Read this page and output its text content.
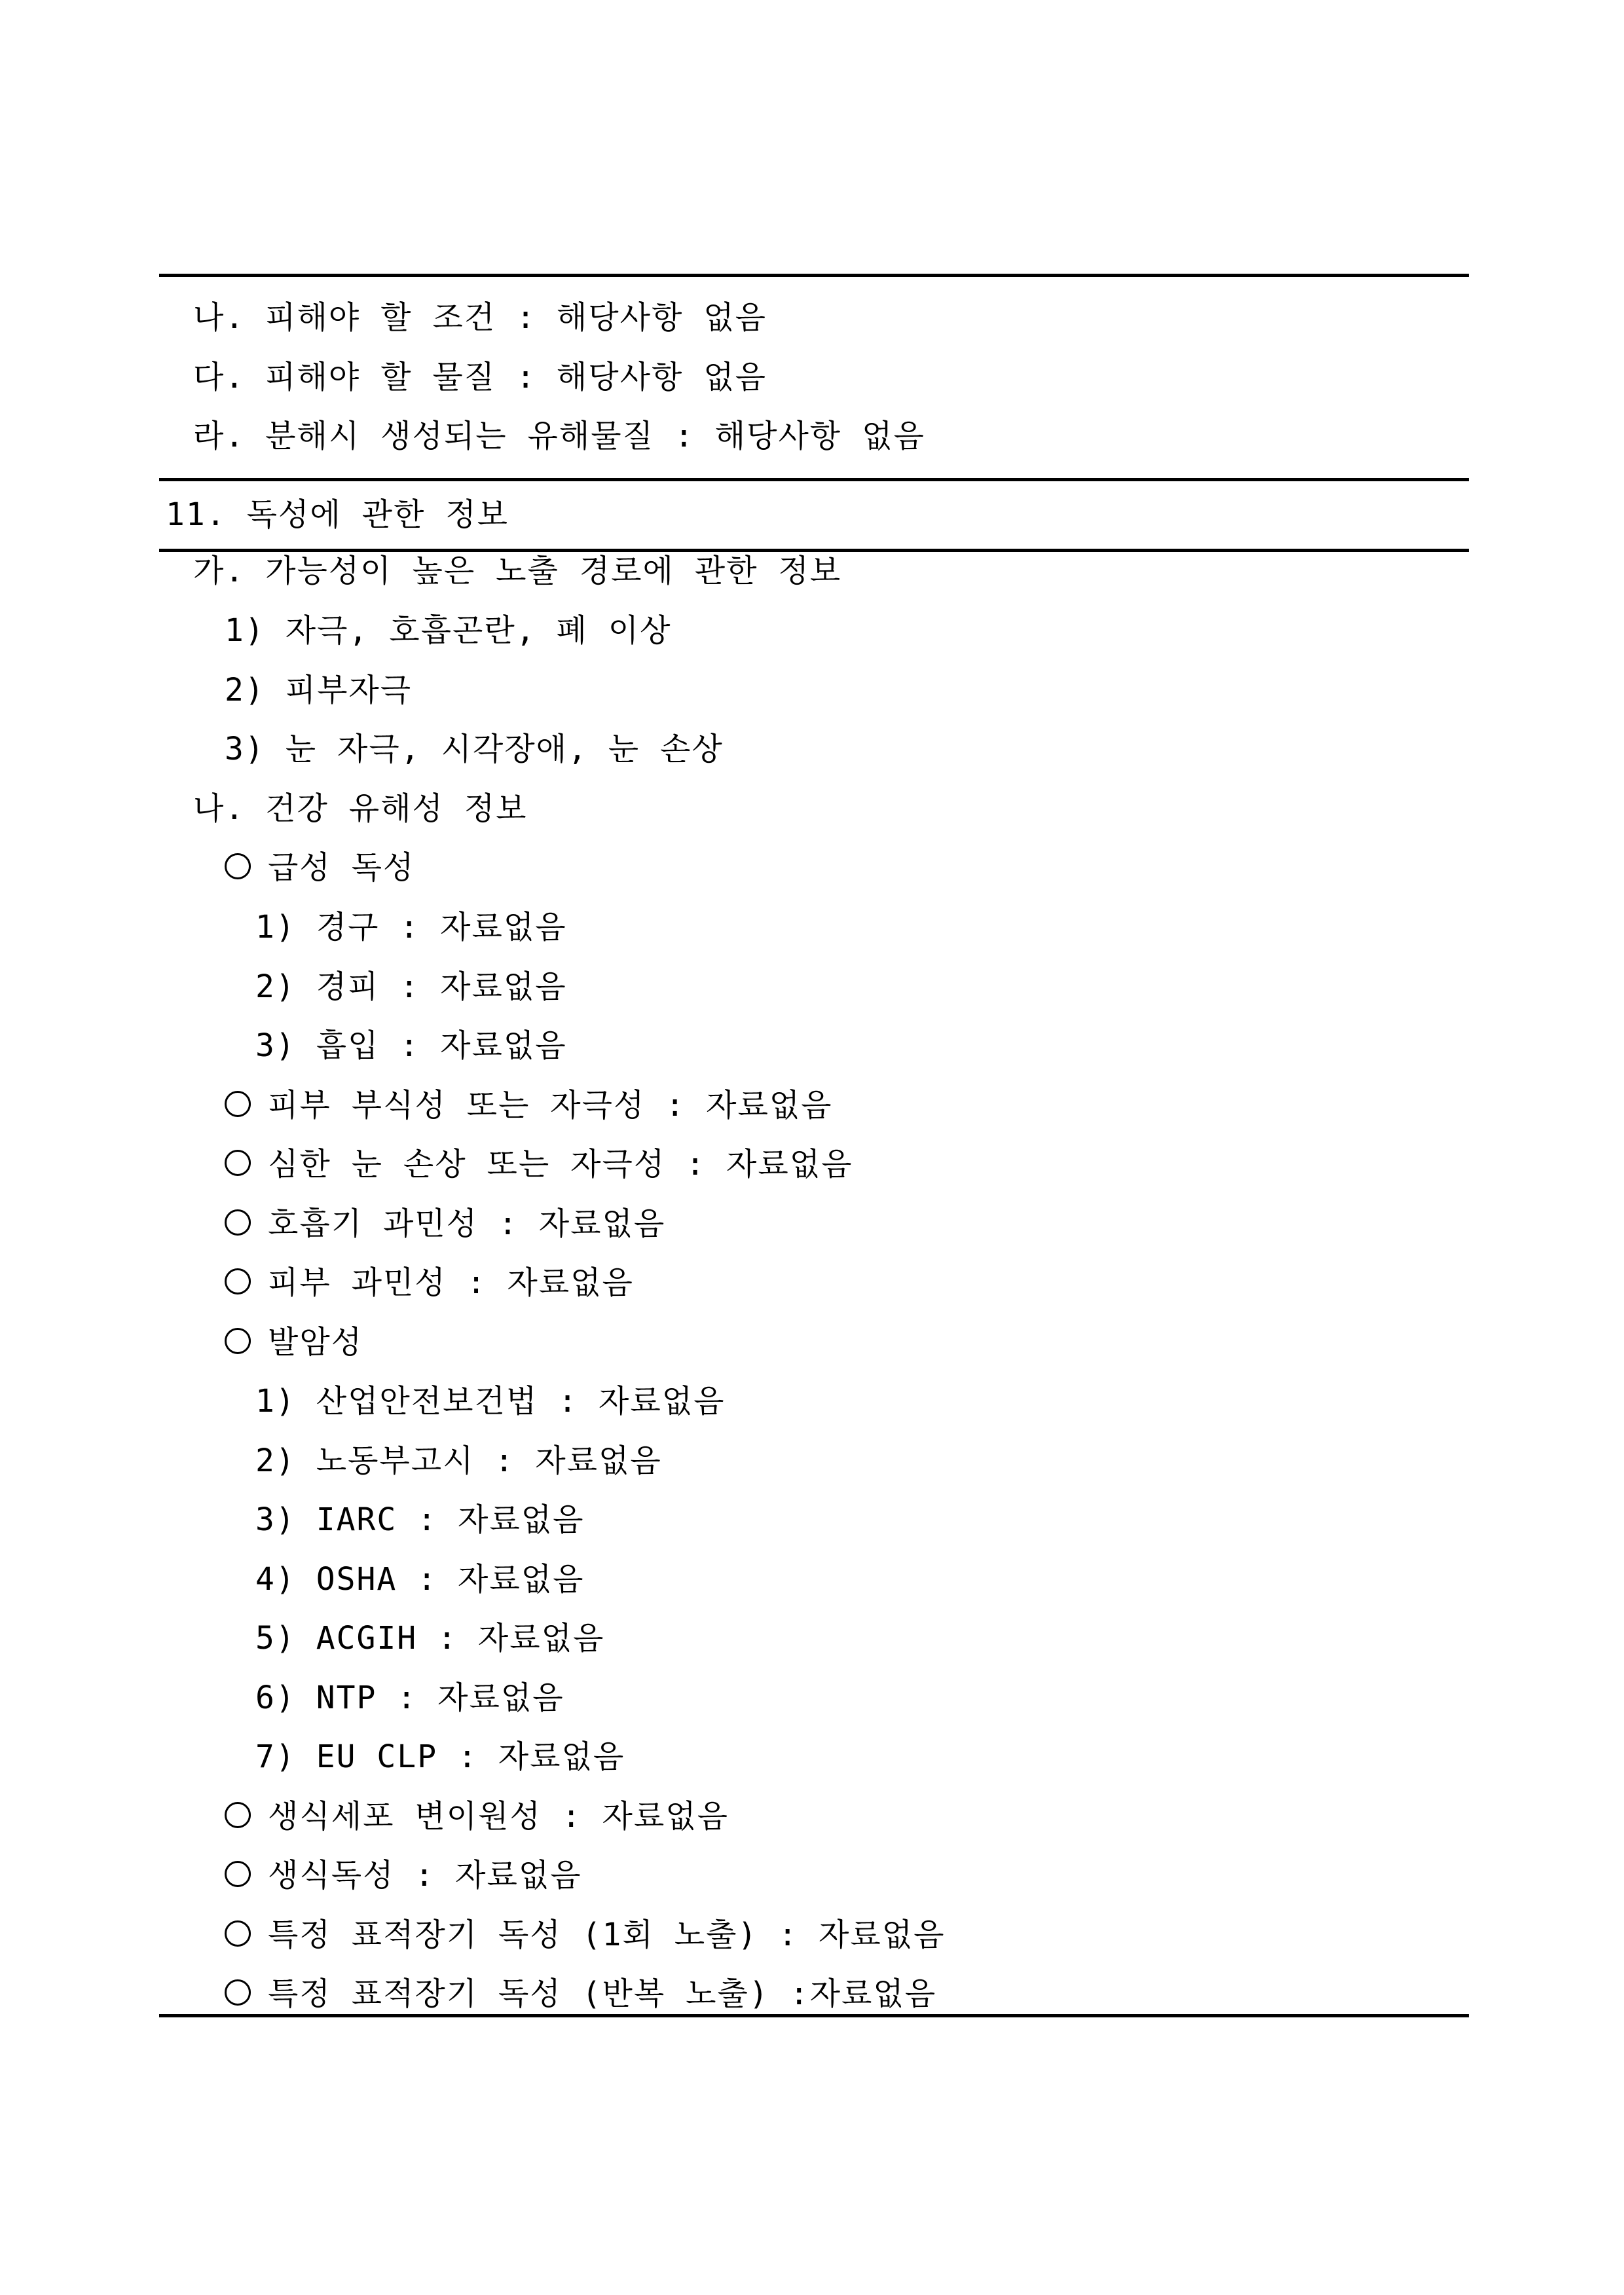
나. 피해야 할 조건 : 해당사항 없음
다. 피해야 할 물질 : 해당사항 없음
라. 분해시 생성되는 유해물질 : 해당사항 없음
11. 독성에 관한 정보
가. 가능성이 높은 노출 경로에 관한 정보
1) 자극, 호흡곤란, 폐 이상
2) 피부자극
3) 눈 자극, 시각장애, 눈 손상
나. 건강 유해성 정보
급성 독성
1) 경구 : 자료없음
2) 경피 : 자료없음
3) 흡입 : 자료없음
피부 부식성 또는 자극성 : 자료없음
심한 눈 손상 또는 자극성 : 자료없음
호흡기 과민성 : 자료없음
피부 과민성 : 자료없음
발암성
1) 산업안전보건법 : 자료없음
2) 노동부고시 : 자료없음
3) IARC : 자료없음
4) OSHA : 자료없음
5) ACGIH : 자료없음
6) NTP : 자료없음
7) EU CLP : 자료없음
생식세포 변이원성 : 자료없음
생식독성 : 자료없음
특정 표적장기 독성 (1회 노출) : 자료없음
특정 표적장기 독성 (반복 노출) :자료없음
